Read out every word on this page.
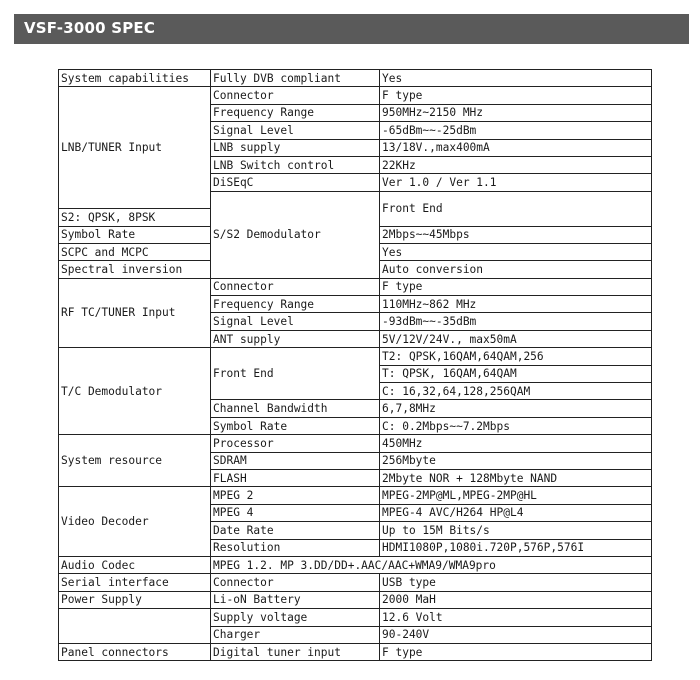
VSF-3000 SPEC
System capabilities	Fully DVB compliant	Yes	
LNB/TUNER Input	Connector	F type	
	Frequency Range	950MHz~2150 MHz	
	Signal Level	-65dBm~~-25dBm	
	LNB supply	13/18V.,max400mA	
	LNB Switch control	22KHz	
	DiSEqC	Ver 1.0 / Ver 1.1	
	S/S2 Demodulator	Front End	
S2: QPSK, 8PSK			
Symbol Rate		2Mbps~~45Mbps	
SCPC and MCPC		Yes	
Spectral inversion		Auto conversion	
RF TC/TUNER Input	Connector	F type	
	Frequency Range	110MHz~862 MHz	
	Signal Level	-93dBm~~-35dBm	
	ANT supply	5V/12V/24V., max50mA	
T/C Demodulator	Front End	T2: QPSK,16QAM,64QAM,256	
		T: QPSK, 16QAM,64QAM	
		C: 16,32,64,128,256QAM	
	Channel Bandwidth	6,7,8MHz	
	Symbol Rate	C: 0.2Mbps~~7.2Mbps	
System resource	Processor	450MHz	
	SDRAM	256Mbyte	
	FLASH	2Mbyte NOR + 128Mbyte NAND	
Video Decoder	MPEG 2	MPEG-2MP@ML,MPEG-2MP@HL	
	MPEG 4	MPEG-4 AVC/H264 HP@L4	
	Date Rate	Up to 15M Bits/s	
	Resolution	HDMI1080P,1080i.720P,576P,576I	
Audio Codec	MPEG 1.2. MP 3.DD/DD+.AAC/AAC+WMA9/WMA9pro		
Serial interface	Connector	USB type	
Power Supply	Li-oN Battery	2000 MaH	
	Supply voltage	12.6 Volt	
	Charger	90-240V	
Panel connectors	Digital tuner input	F type	
